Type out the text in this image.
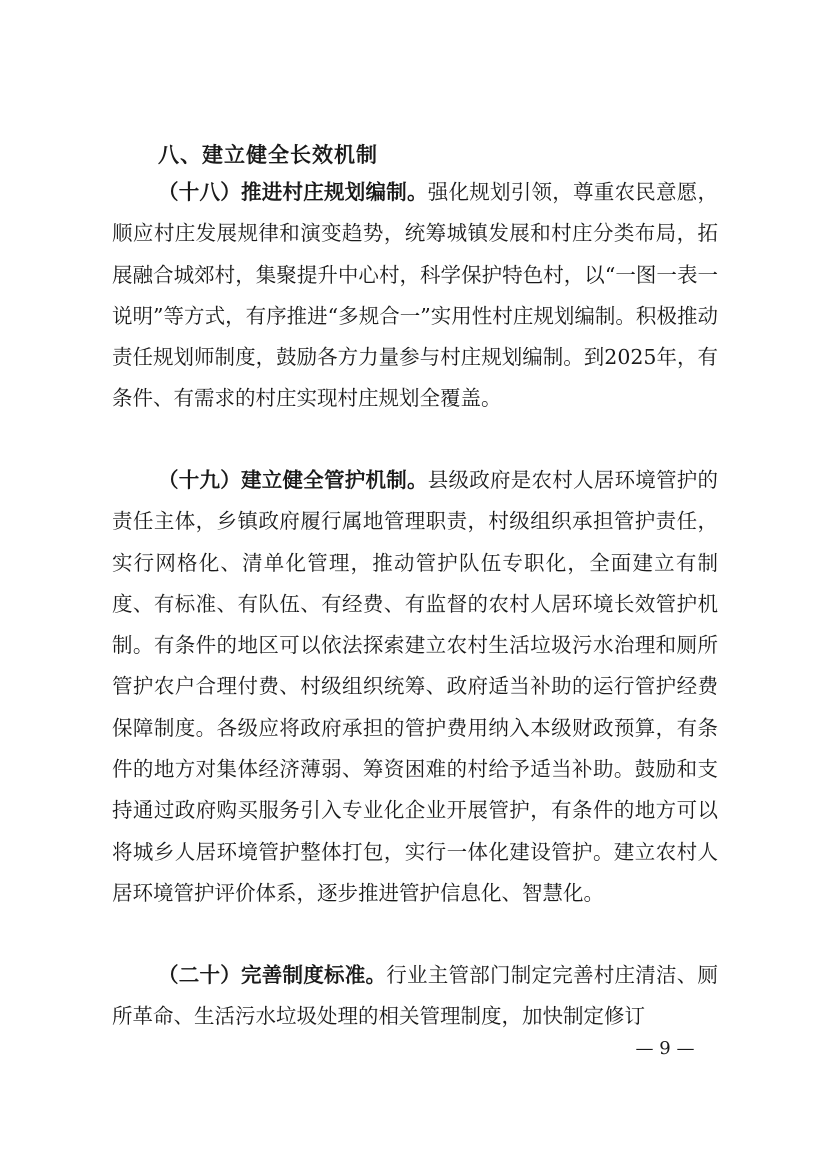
八、建立健全长效机制

（十八）推进村庄规划编制。强化规划引领，尊重农民意愿，顺应村庄发展规律和演变趋势，统筹城镇发展和村庄分类布局，拓展融合城郊村，集聚提升中心村，科学保护特色村，以“一图一表一说明”等方式，有序推进“多规合一”实用性村庄规划编制。积极推动责任规划师制度，鼓励各方力量参与村庄规划编制。到2025年，有条件、有需求的村庄实现村庄规划全覆盖。

（十九）建立健全管护机制。县级政府是农村人居环境管护的责任主体，乡镇政府履行属地管理职责，村级组织承担管护责任，实行网格化、清单化管理，推动管护队伍专职化，全面建立有制度、有标准、有队伍、有经费、有监督的农村人居环境长效管护机制。有条件的地区可以依法探索建立农村生活垃圾污水治理和厕所管护农户合理付费、村级组织统筹、政府适当补助的运行管护经费保障制度。各级应将政府承担的管护费用纳入本级财政预算，有条件的地方对集体经济薄弱、筹资困难的村给予适当补助。鼓励和支持通过政府购买服务引入专业化企业开展管护，有条件的地方可以将城乡人居环境管护整体打包，实行一体化建设管护。建立农村人居环境管护评价体系，逐步推进管护信息化、智慧化。

（二十）完善制度标准。行业主管部门制定完善村庄清洁、厕所革命、生活污水垃圾处理的相关管理制度，加快制定修订

— 9 —
